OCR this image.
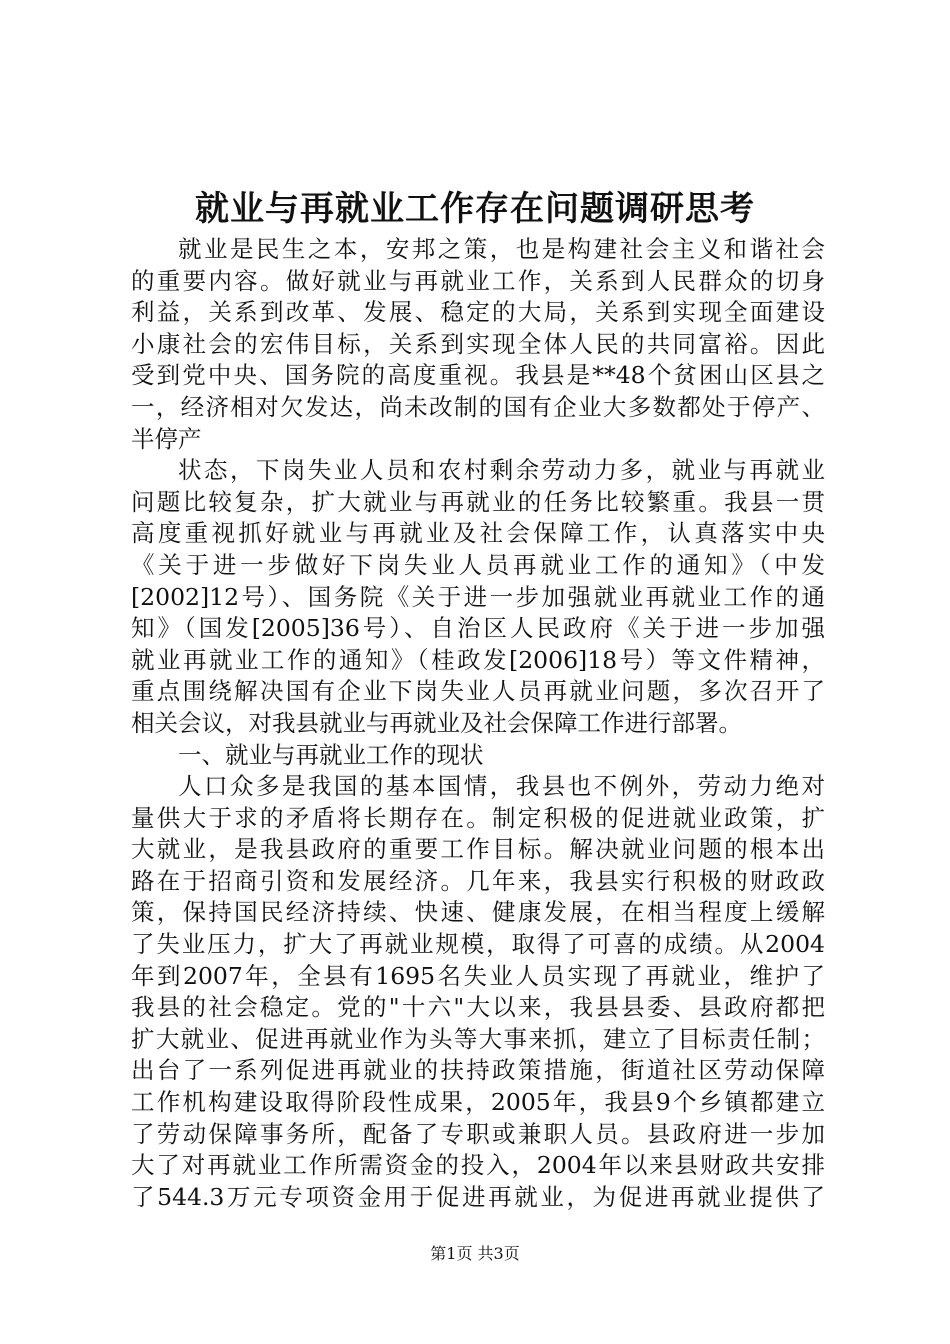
就业与再就业工作存在问题调研思考
就业是民生之本，安邦之策，也是构建社会主义和谐社会
的重要内容。做好就业与再就业工作，关系到人民群众的切身
利益，关系到改革、发展、稳定的大局，关系到实现全面建设
小康社会的宏伟目标，关系到实现全体人民的共同富裕。因此
受到党中央、国务院的高度重视。我县是**48个贫困山区县之
一，经济相对欠发达，尚未改制的国有企业大多数都处于停产、
半停产
状态，下岗失业人员和农村剩余劳动力多，就业与再就业
问题比较复杂，扩大就业与再就业的任务比较繁重。我县一贯
高度重视抓好就业与再就业及社会保障工作，认真落实中央
《关于进一步做好下岗失业人员再就业工作的通知》（中发
[2002]12号）、国务院《关于进一步加强就业再就业工作的通
知》（国发[2005]36号）、自治区人民政府《关于进一步加强
就业再就业工作的通知》（桂政发[2006]18号）等文件精神，
重点围绕解决国有企业下岗失业人员再就业问题，多次召开了
相关会议，对我县就业与再就业及社会保障工作进行部署。
一、就业与再就业工作的现状
人口众多是我国的基本国情，我县也不例外，劳动力绝对
量供大于求的矛盾将长期存在。制定积极的促进就业政策，扩
大就业，是我县政府的重要工作目标。解决就业问题的根本出
路在于招商引资和发展经济。几年来，我县实行积极的财政政
策，保持国民经济持续、快速、健康发展，在相当程度上缓解
了失业压力，扩大了再就业规模，取得了可喜的成绩。从2004
年到2007年，全县有1695名失业人员实现了再就业，维护了
我县的社会稳定。党的"十六"大以来，我县县委、县政府都把
扩大就业、促进再就业作为头等大事来抓，建立了目标责任制；
出台了一系列促进再就业的扶持政策措施，街道社区劳动保障
工作机构建设取得阶段性成果，2005年，我县9个乡镇都建立
了劳动保障事务所，配备了专职或兼职人员。县政府进一步加
大了对再就业工作所需资金的投入，2004年以来县财政共安排
了544.3万元专项资金用于促进再就业，为促进再就业提供了
第1页 共3页
